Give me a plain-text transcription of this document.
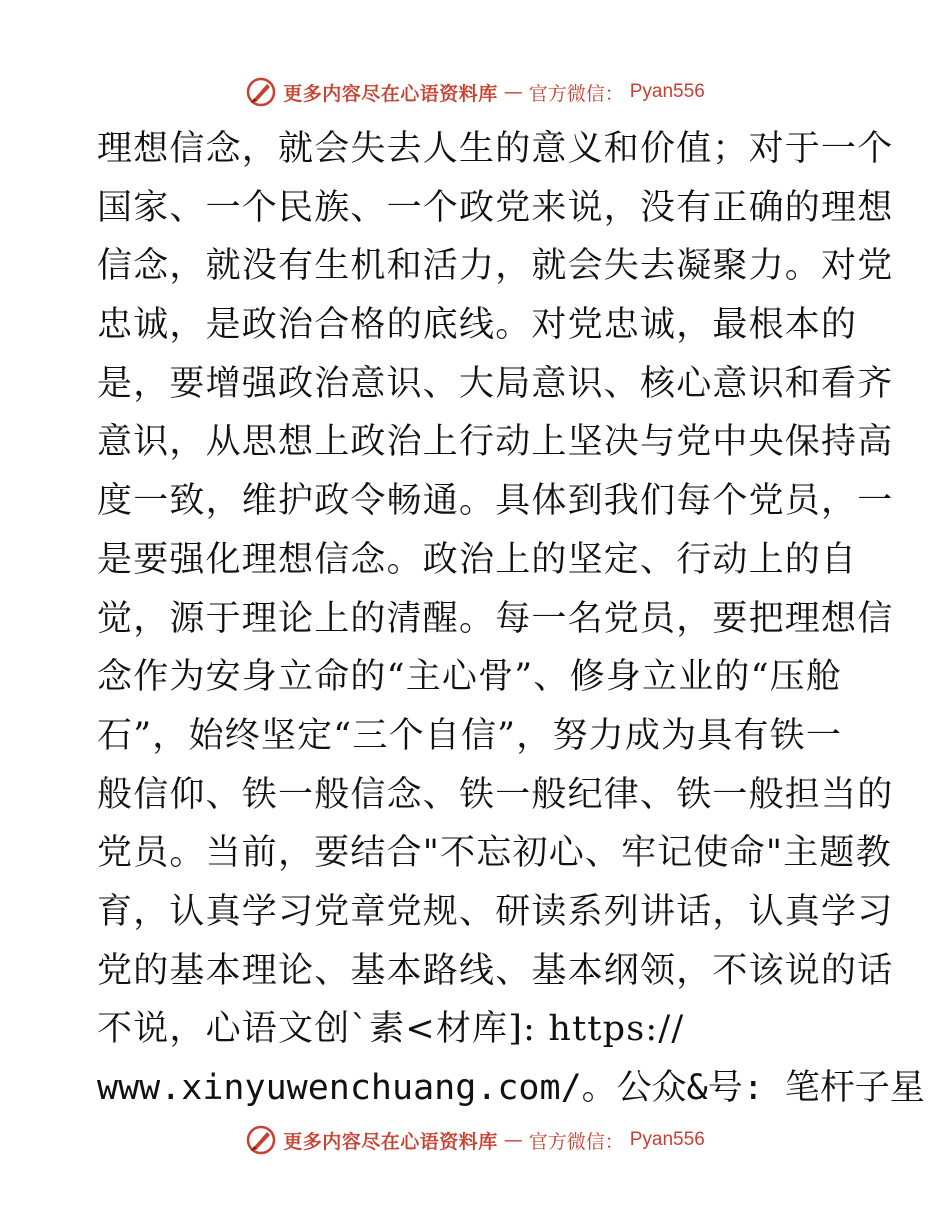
更多内容尽在心语资料库 — 官方微信： Pyan556
理想信念，就会失去人生的意义和价值；对于一个
国家、一个民族、一个政党来说，没有正确的理想
信念，就没有生机和活力，就会失去凝聚力。对党
忠诚，是政治合格的底线。对党忠诚，最根本的
是，要增强政治意识、大局意识、核心意识和看齐
意识，从思想上政治上行动上坚决与党中央保持高
度一致，维护政令畅通。具体到我们每个党员，一
是要强化理想信念。政治上的坚定、行动上的自
觉，源于理论上的清醒。每一名党员，要把理想信
念作为安身立命的“主心骨”、修身立业的“压舱
石”，始终坚定“三个自信”，努力成为具有铁一
般信仰、铁一般信念、铁一般纪律、铁一般担当的
党员。当前，要结合"不忘初心、牢记使命"主题教
育，认真学习党章党规、研读系列讲话，认真学习
党的基本理论、基本路线、基本纲领，不该说的话
不说，心语文创`素<材库]: https://
www.xinyuwenchuang.com/。公众&号: 笔杆子星
更多内容尽在心语资料库 — 官方微信： Pyan556
